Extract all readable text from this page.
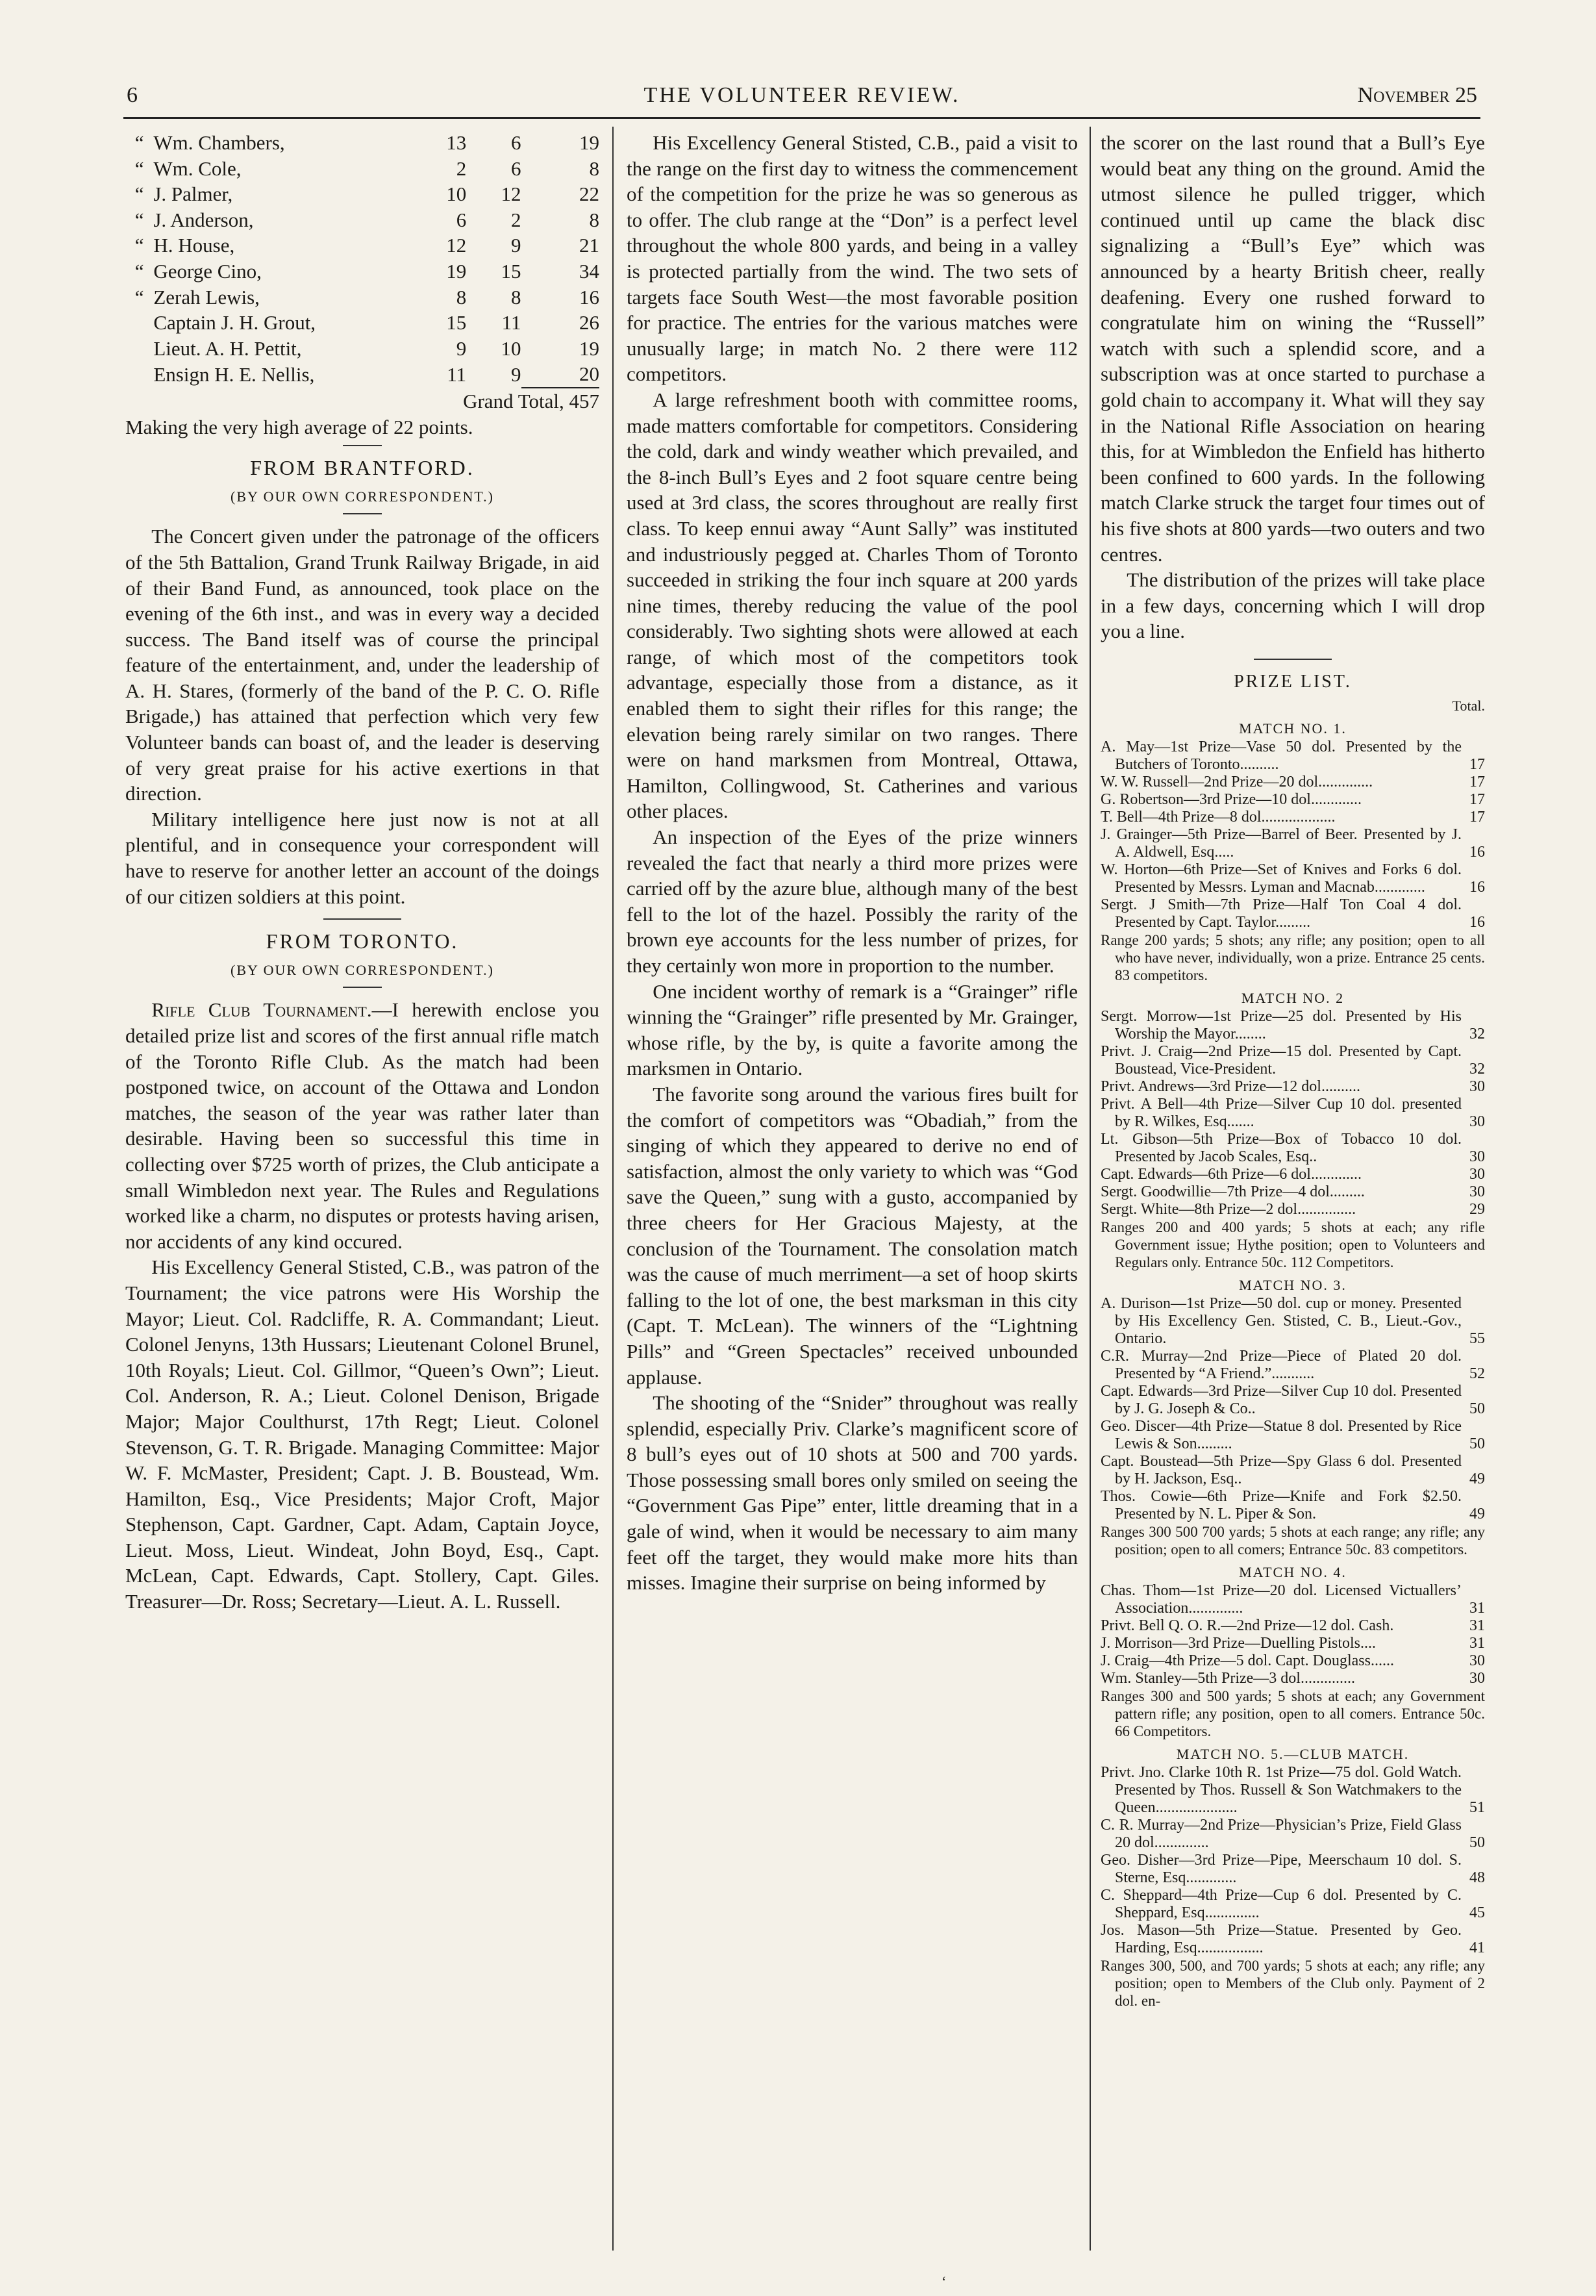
6	THE VOLUNTEER REVIEW.	November 25
“	Wm. Chambers,	13	6	19
“	Wm. Cole,	2	6	8
“	J. Palmer,	10	12	22
“	J. Anderson,	6	2	8
“	H. House,	12	9	21
“	George Cino,	19	15	34
“	Zerah Lewis,	8	8	16
	Captain J. H. Grout,	15	11	26
	Lieut. A. H. Pettit,	9	10	19
	Ensign H. E. Nellis,	11	9	20
Grand Total, 457

Making the very high average of 22 points.

FROM BRANTFORD.
(BY OUR OWN CORRESPONDENT.)

The Concert given under the patronage of the officers of the 5th Battalion, Grand Trunk Railway Brigade, in aid of their Band Fund, as announced, took place on the evening of the 6th inst., and was in every way a decided success. The Band itself was of course the principal feature of the entertainment, and, under the leadership of A. H. Stares, (formerly of the band of the P. C. O. Rifle Brigade,) has attained that perfection which very few Volunteer bands can boast of, and the leader is deserving of very great praise for his active exertions in that direction.

Military intelligence here just now is not at all plentiful, and in consequence your correspondent will have to reserve for another letter an account of the doings of our citizen soldiers at this point.

FROM TORONTO.
(BY OUR OWN CORRESPONDENT.)

Rifle Club Tournament.—I herewith enclose you detailed prize list and scores of the first annual rifle match of the Toronto Rifle Club. As the match had been postponed twice, on account of the Ottawa and London matches, the season of the year was rather later than desirable. Having been so successful this time in collecting over $725 worth of prizes, the Club anticipate a small Wimbledon next year. The Rules and Regulations worked like a charm, no disputes or protests having arisen, nor accidents of any kind occured.

His Excellency General Stisted, C.B., was patron of the Tournament; the vice patrons were His Worship the Mayor; Lieut. Col. Radcliffe, R. A. Commandant; Lieut. Colonel Jenyns, 13th Hussars; Lieutenant Colonel Brunel, 10th Royals; Lieut. Col. Gillmor, “Queen’s Own”; Lieut. Col. Anderson, R. A.; Lieut. Colonel Denison, Brigade Major; Major Coulthurst, 17th Regt; Lieut. Colonel Stevenson, G. T. R. Brigade. Managing Committee: Major W. F. McMaster, President; Capt. J. B. Boustead, Wm. Hamilton, Esq., Vice Presidents; Major Croft, Major Stephenson, Capt. Gardner, Capt. Adam, Captain Joyce, Lieut. Moss, Lieut. Windeat, John Boyd, Esq., Capt. McLean, Capt. Edwards, Capt. Stollery, Capt. Giles. Treasurer—Dr. Ross; Secretary—Lieut. A. L. Russell.

His Excellency General Stisted, C.B., paid a visit to the range on the first day to witness the commencement of the competition for the prize he was so generous as to offer. The club range at the “Don” is a perfect level throughout the whole 800 yards, and being in a valley is protected partially from the wind. The two sets of targets face South West—the most favorable position for practice. The entries for the various matches were unusually large; in match No. 2 there were 112 competitors.

A large refreshment booth with committee rooms, made matters comfortable for competitors. Considering the cold, dark and windy weather which prevailed, and the 8-inch Bull’s Eyes and 2 foot square centre being used at 3rd class, the scores throughout are really first class. To keep ennui away “Aunt Sally” was instituted and industriously pegged at. Charles Thom of Toronto succeeded in striking the four inch square at 200 yards nine times, thereby reducing the value of the pool considerably. Two sighting shots were allowed at each range, of which most of the competitors took advantage, especially those from a distance, as it enabled them to sight their rifles for this range; the elevation being rarely similar on two ranges. There were on hand marksmen from Montreal, Ottawa, Hamilton, Collingwood, St. Catherines and various other places.

An inspection of the Eyes of the prize winners revealed the fact that nearly a third more prizes were carried off by the azure blue, although many of the best fell to the lot of the hazel. Possibly the rarity of the brown eye accounts for the less number of prizes, for they certainly won more in proportion to the number.

One incident worthy of remark is a “Grainger” rifle winning the “Grainger” rifle presented by Mr. Grainger, whose rifle, by the by, is quite a favorite among the marksmen in Ontario.

The favorite song around the various fires built for the comfort of competitors was “Obadiah,” from the singing of which they appeared to derive no end of satisfaction, almost the only variety to which was “God save the Queen,” sung with a gusto, accompanied by three cheers for Her Gracious Majesty, at the conclusion of the Tournament. The consolation match was the cause of much merriment—a set of hoop skirts falling to the lot of one, the best marksman in this city (Capt. T. McLean). The winners of the “Lightning Pills” and “Green Spectacles” received unbounded applause.

The shooting of the “Snider” throughout was really splendid, especially Priv. Clarke’s magnificent score of 8 bull’s eyes out of 10 shots at 500 and 700 yards. Those possessing small bores only smiled on seeing the “Government Gas Pipe” enter, little dreaming that in a gale of wind, when it would be necessary to aim many feet off the target, they would make more hits than misses. Imagine their surprise on being informed by

the scorer on the last round that a Bull’s Eye would beat any thing on the ground. Amid the utmost silence he pulled trigger, which continued until up came the black disc signalizing a “Bull’s Eye” which was announced by a hearty British cheer, really deafening. Every one rushed forward to congratulate him on wining the “Russell” watch with such a splendid score, and a subscription was at once started to purchase a gold chain to accompany it. What will they say in the National Rifle Association on hearing this, for at Wimbledon the Enfield has hitherto been confined to 600 yards. In the following match Clarke struck the target four times out of his five shots at 800 yards—two outers and two centres.

The distribution of the prizes will take place in a few days, concerning which I will drop you a line.

PRIZE LIST.
Total.
MATCH NO. 1.
A. May—1st Prize—Vase 50 dol. Presented by the Butchers of Toronto..........	17
W. W. Russell—2nd Prize—20 dol..............	17
G. Robertson—3rd Prize—10 dol.............	17
T. Bell—4th Prize—8 dol...................	17
J. Grainger—5th Prize—Barrel of Beer. Presented by J. A. Aldwell, Esq.....	16
W. Horton—6th Prize—Set of Knives and Forks 6 dol. Presented by Messrs. Lyman and Macnab.............	16
Sergt. J Smith—7th Prize—Half Ton Coal 4 dol. Presented by Capt. Taylor.........	16
Range 200 yards; 5 shots; any rifle; any position; open to all who have never, individually, won a prize. Entrance 25 cents. 83 competitors.
MATCH NO. 2
Sergt. Morrow—1st Prize—25 dol. Presented by His Worship the Mayor........	32
Privt. J. Craig—2nd Prize—15 dol. Presented by Capt. Boustead, Vice-President.	32
Privt. Andrews—3rd Prize—12 dol..........	30
Privt. A Bell—4th Prize—Silver Cup 10 dol. presented by R. Wilkes, Esq.......	30
Lt. Gibson—5th Prize—Box of Tobacco 10 dol. Presented by Jacob Scales, Esq..	30
Capt. Edwards—6th Prize—6 dol.............	30
Sergt. Goodwillie—7th Prize—4 dol.........	30
Sergt. White—8th Prize—2 dol...............	29
Ranges 200 and 400 yards; 5 shots at each; any rifle Government issue; Hythe position; open to Volunteers and Regulars only. Entrance 50c. 112 Competitors.
MATCH NO. 3.
A. Durison—1st Prize—50 dol. cup or money. Presented by His Excellency Gen. Stisted, C. B., Lieut.-Gov., Ontario.	55
C.R. Murray—2nd Prize—Piece of Plated 20 dol. Presented by “A Friend.”...........	52
Capt. Edwards—3rd Prize—Silver Cup 10 dol. Presented by J. G. Joseph & Co..	50
Geo. Discer—4th Prize—Statue 8 dol. Presented by Rice Lewis & Son.........	50
Capt. Boustead—5th Prize—Spy Glass 6 dol. Presented by H. Jackson, Esq..	49
Thos. Cowie—6th Prize—Knife and Fork $2.50. Presented by N. L. Piper & Son.	49
Ranges 300 500 700 yards; 5 shots at each range; any rifle; any position; open to all comers; Entrance 50c. 83 competitors.
MATCH NO. 4.
Chas. Thom—1st Prize—20 dol. Licensed Victuallers’ Association..............	31
Privt. Bell Q. O. R.—2nd Prize—12 dol. Cash.	31
J. Morrison—3rd Prize—Duelling Pistols....	31
J. Craig—4th Prize—5 dol. Capt. Douglass......	30
Wm. Stanley—5th Prize—3 dol..............	30
Ranges 300 and 500 yards; 5 shots at each; any Government pattern rifle; any position, open to all comers. Entrance 50c. 66 Competitors.
MATCH NO. 5.—CLUB MATCH.
Privt. Jno. Clarke 10th R. 1st Prize—75 dol. Gold Watch. Presented by Thos. Russell & Son Watchmakers to the Queen.....................	51
C. R. Murray—2nd Prize—Physician’s Prize, Field Glass 20 dol..............	50
Geo. Disher—3rd Prize—Pipe, Meerschaum 10 dol. S. Sterne, Esq.............	48
C. Sheppard—4th Prize—Cup 6 dol. Presented by C. Sheppard, Esq..............	45
Jos. Mason—5th Prize—Statue. Presented by Geo. Harding, Esq.................	41
Ranges 300, 500, and 700 yards; 5 shots at each; any rifle; any position; open to Members of the Club only. Payment of 2 dol. en-
‘
